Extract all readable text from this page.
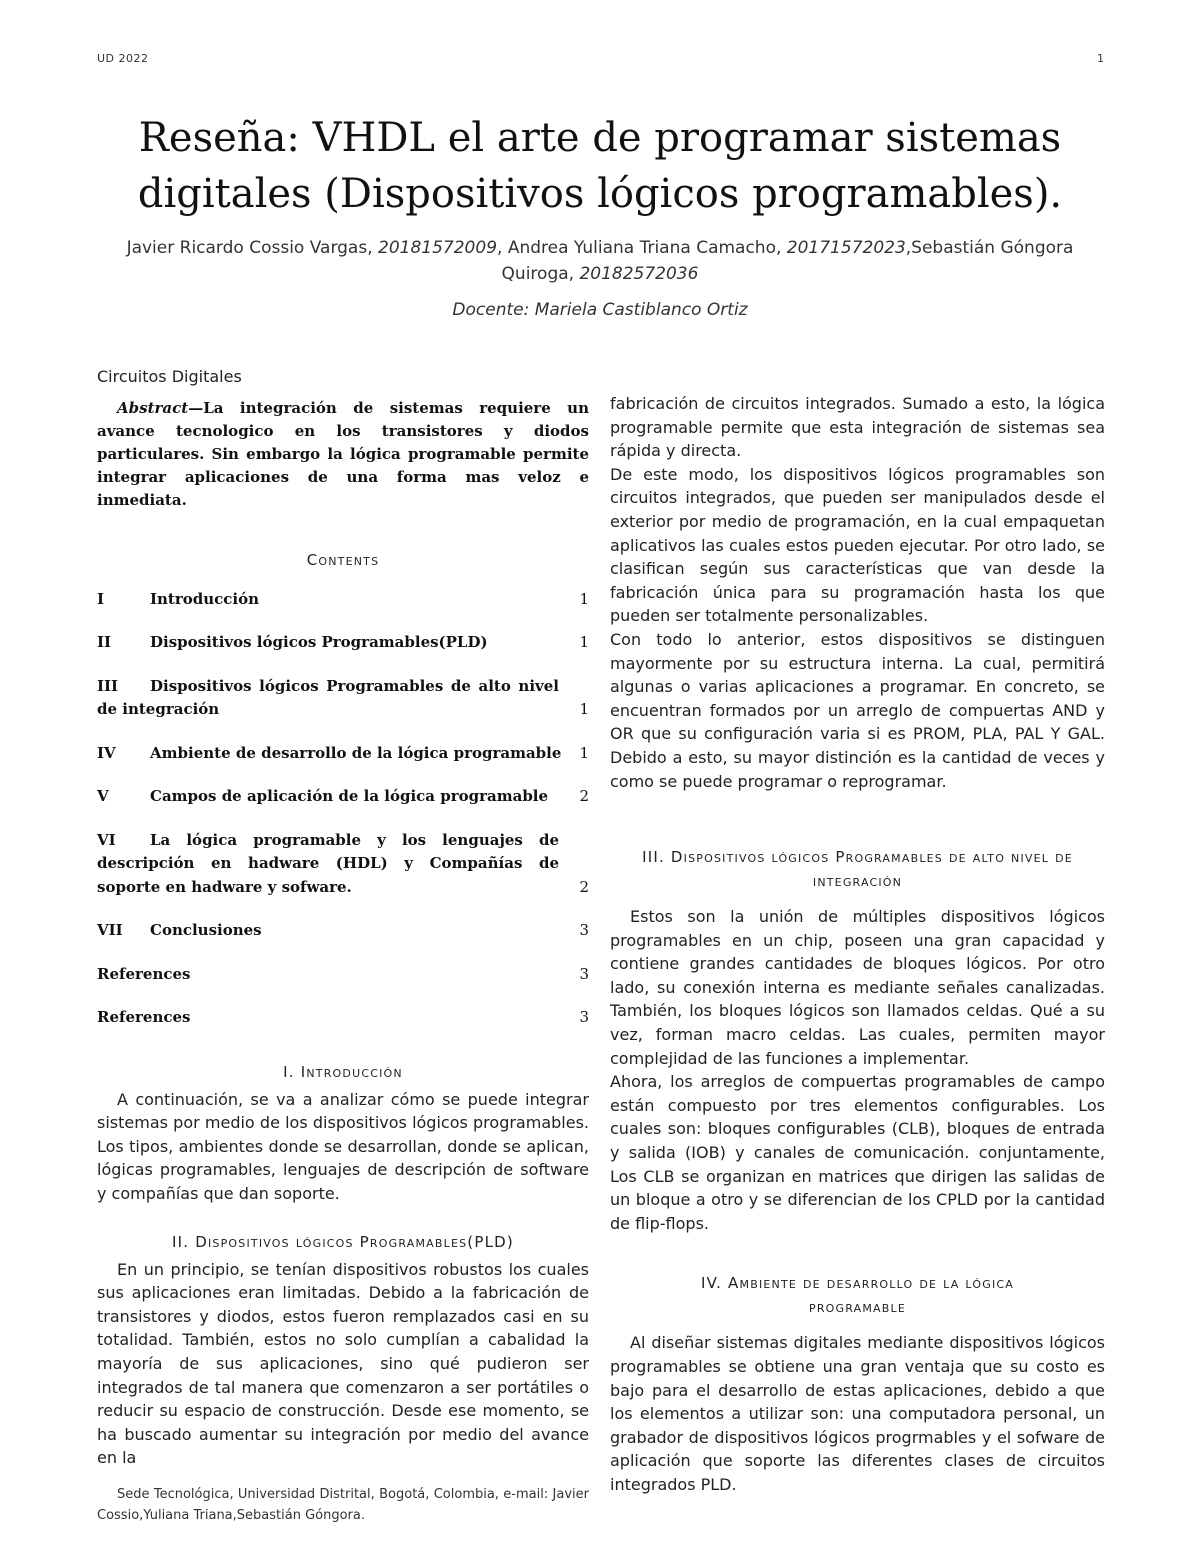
UD 2022	1
Reseña: VHDL el arte de programar sistemas digitales (Dispositivos lógicos programables).
Javier Ricardo Cossio Vargas, 20181572009, Andrea Yuliana Triana Camacho, 20171572023,Sebastián Góngora Quiroga, 20182572036
Docente: Mariela Castiblanco Ortiz
Circuitos Digitales
Abstract—La integración de sistemas requiere un avance tecnologico en los transistores y diodos particulares. Sin embargo la lógica programable permite integrar aplicaciones de una forma mas veloz e inmediata.
Contents
I	Introducción	1
II	Dispositivos lógicos Programables(PLD)	1
III Dispositivos lógicos Programables de alto nivel de integración	1
IV	Ambiente de desarrollo de la lógica programable	1
V	Campos de aplicación de la lógica programable	2
VI La lógica programable y los lenguajes de descripción en hadware (HDL) y Compañías de soporte en hadware y sofware.	2
VII	Conclusiones	3
References	3
References	3
I. Introducción
A continuación, se va a analizar cómo se puede integrar sistemas por medio de los dispositivos lógicos programables. Los tipos, ambientes donde se desarrollan, donde se aplican, lógicas programables, lenguajes de descripción de software y compañías que dan soporte.
II. Dispositivos lógicos Programables(PLD)
En un principio, se tenían dispositivos robustos los cuales sus aplicaciones eran limitadas. Debido a la fabricación de transistores y diodos, estos fueron remplazados casi en su totalidad. También, estos no solo cumplían a cabalidad la mayoría de sus aplicaciones, sino qué pudieron ser integrados de tal manera que comenzaron a ser portátiles o reducir su espacio de construcción. Desde ese momento, se ha buscado aumentar su integración por medio del avance en la
Sede Tecnológica, Universidad Distrital, Bogotá, Colombia, e-mail: Javier Cossio,Yuliana Triana,Sebastián Góngora.
fabricación de circuitos integrados. Sumado a esto, la lógica programable permite que esta integración de sistemas sea rápida y directa.
De este modo, los dispositivos lógicos programables son circuitos integrados, que pueden ser manipulados desde el exterior por medio de programación, en la cual empaquetan aplicativos las cuales estos pueden ejecutar. Por otro lado, se clasifican según sus características que van desde la fabricación única para su programación hasta los que pueden ser totalmente personalizables.
Con todo lo anterior, estos dispositivos se distinguen mayormente por su estructura interna. La cual, permitirá algunas o varias aplicaciones a programar. En concreto, se encuentran formados por un arreglo de compuertas AND y OR que su configuración varia si es PROM, PLA, PAL Y GAL. Debido a esto, su mayor distinción es la cantidad de veces y como se puede programar o reprogramar.
III. Dispositivos lógicos Programables de alto nivel de integración
Estos son la unión de múltiples dispositivos lógicos programables en un chip, poseen una gran capacidad y contiene grandes cantidades de bloques lógicos. Por otro lado, su conexión interna es mediante señales canalizadas. También, los bloques lógicos son llamados celdas. Qué a su vez, forman macro celdas. Las cuales, permiten mayor complejidad de las funciones a implementar.
Ahora, los arreglos de compuertas programables de campo están compuesto por tres elementos configurables. Los cuales son: bloques configurables (CLB), bloques de entrada y salida (IOB) y canales de comunicación. conjuntamente, Los CLB se organizan en matrices que dirigen las salidas de un bloque a otro y se diferencian de los CPLD por la cantidad de flip-flops.
IV. Ambiente de desarrollo de la lógica programable
Al diseñar sistemas digitales mediante dispositivos lógicos programables se obtiene una gran ventaja que su costo es bajo para el desarrollo de estas aplicaciones, debido a que los elementos a utilizar son: una computadora personal, un grabador de dispositivos lógicos progrmables y el sofware de aplicación que soporte las diferentes clases de circuitos integrados PLD.
